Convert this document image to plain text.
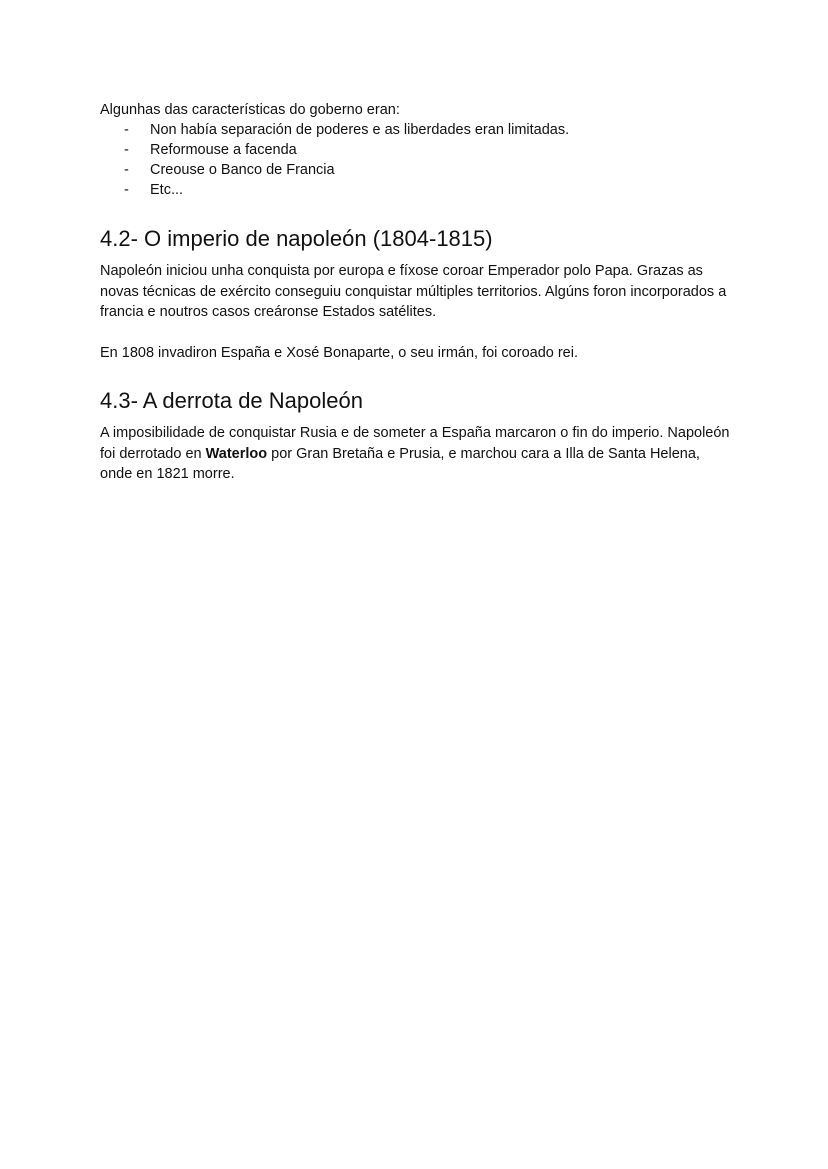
Algunhas das características do goberno eran:

- Non había separación de poderes e as liberdades eran limitadas.
- Reformouse a facenda
- Creouse o Banco de Francia
- Etc...
4.2- O imperio de napoleón (1804-1815)

Napoleón iniciou unha conquista por europa e fíxose coroar Emperador polo Papa. Grazas as novas técnicas de exército conseguiu conquistar múltiples territorios. Algúns foron incorporados a francia e noutros casos creáronse Estados satélites.

En 1808 invadiron España e Xosé Bonaparte, o seu irmán, foi coroado rei.

4.3- A derrota de Napoleón

A imposibilidade de conquistar Rusia e de someter a España marcaron o fin do imperio. Napoleón foi derrotado en Waterloo por Gran Bretaña e Prusia, e marchou cara a Illa de Santa Helena, onde en 1821 morre.
